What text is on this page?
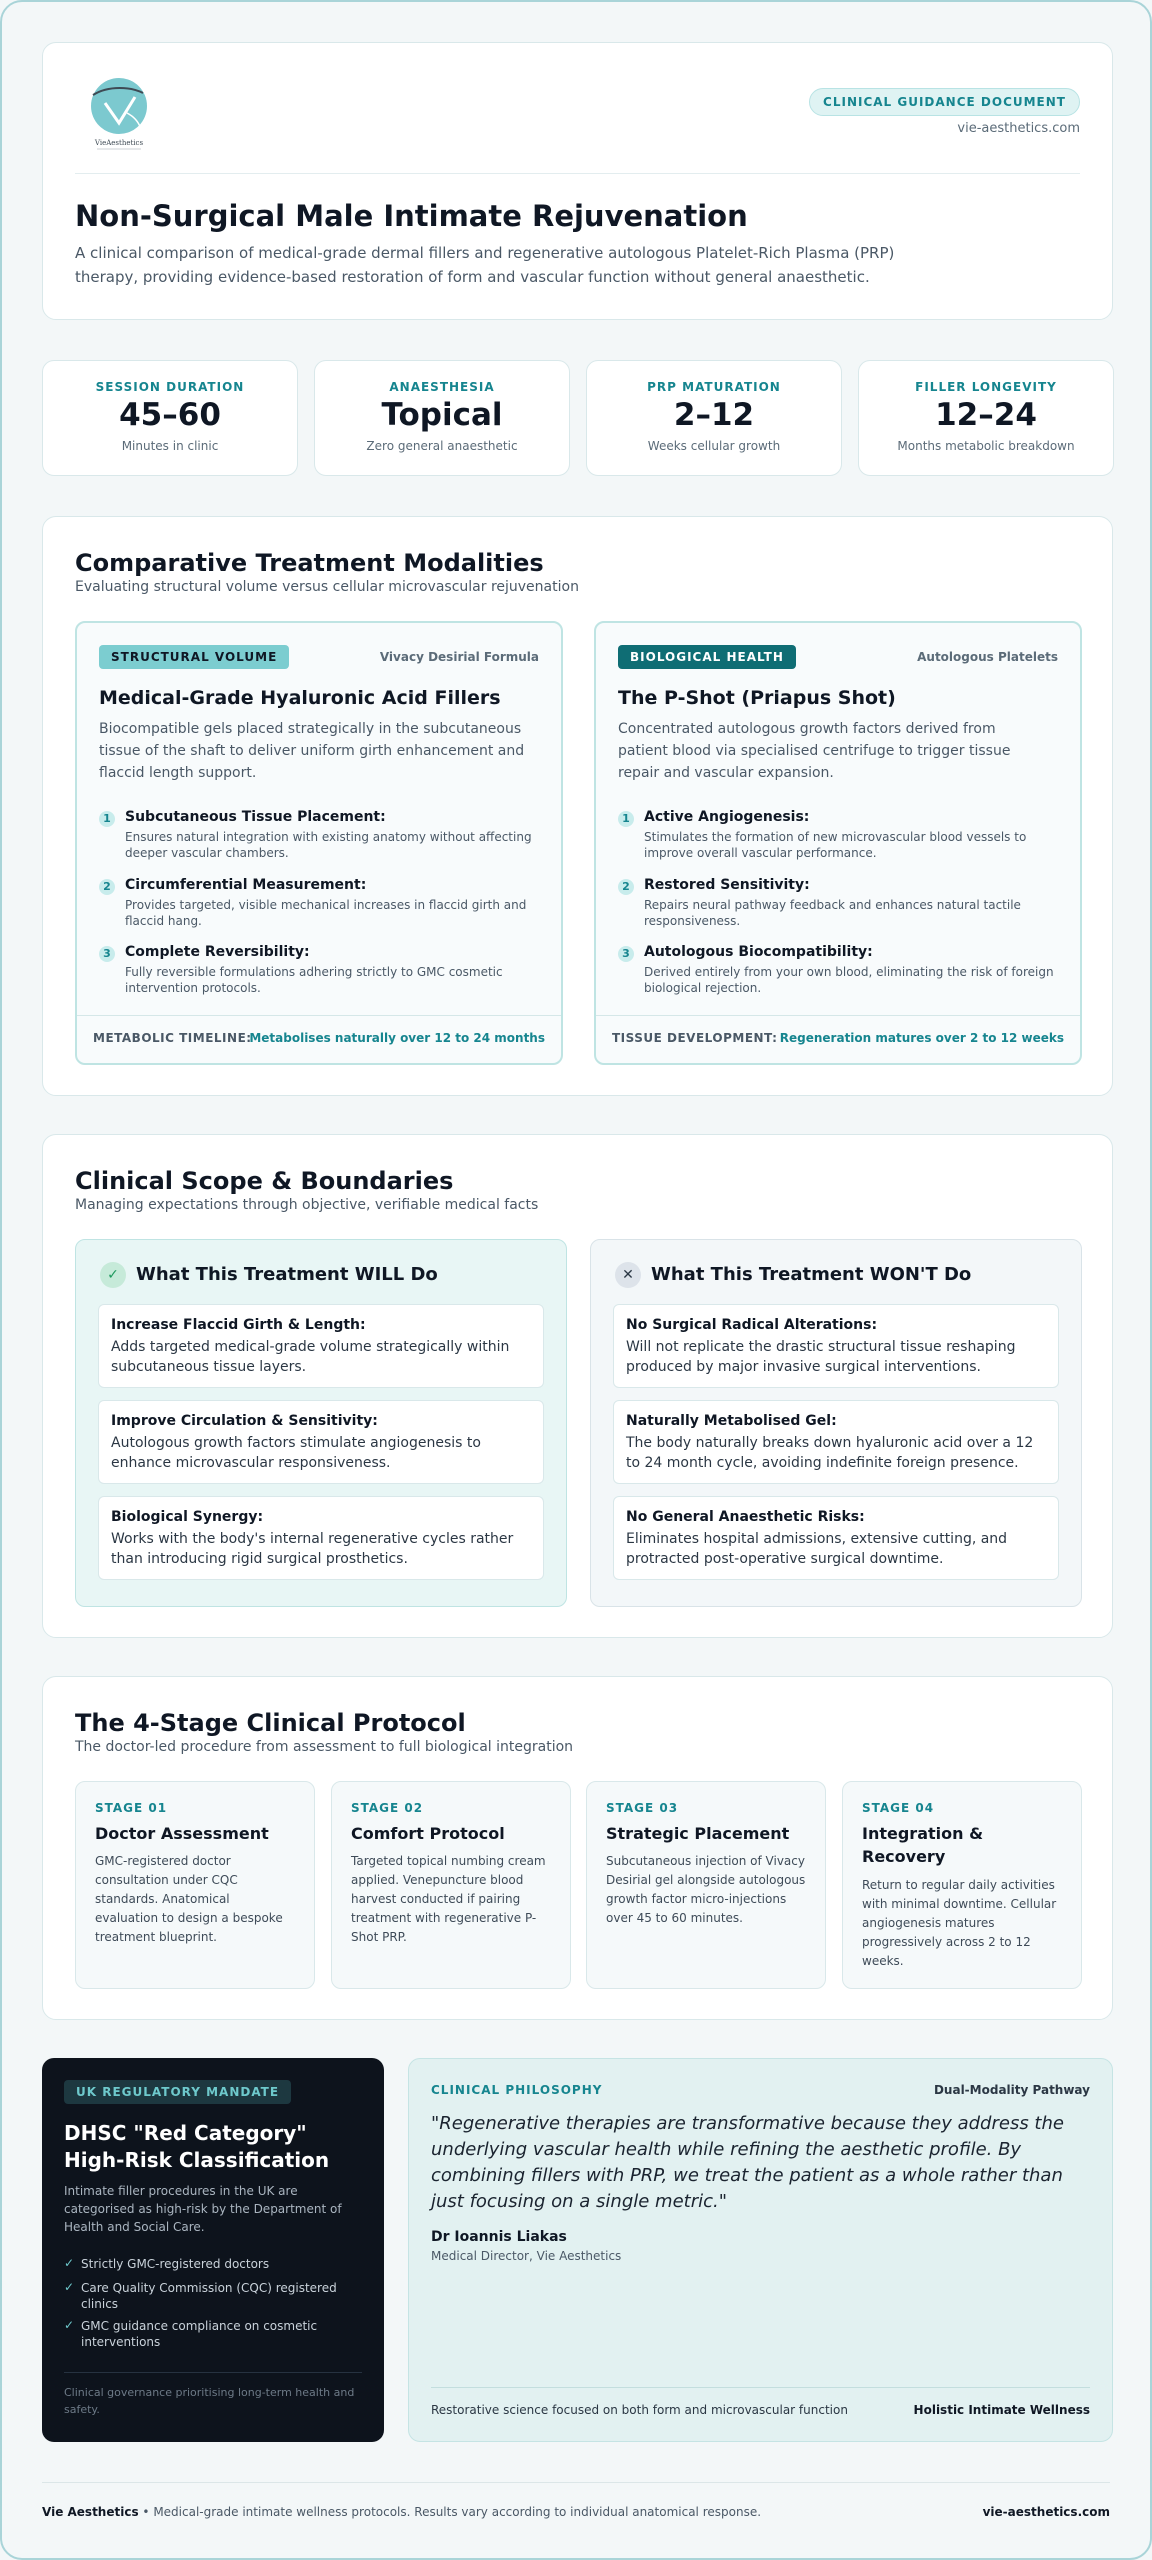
VieAesthetics
CLINICAL GUIDANCE DOCUMENT
vie-aesthetics.com
Non-Surgical Male Intimate Rejuvenation
A clinical comparison of medical-grade dermal fillers and regenerative autologous Platelet-Rich Plasma (PRP) therapy, providing evidence-based restoration of form and vascular function without general anaesthetic.
SESSION DURATION
45–60
Minutes in clinic
ANAESTHESIA
Topical
Zero general anaesthetic
PRP MATURATION
2–12
Weeks cellular growth
FILLER LONGEVITY
12–24
Months metabolic breakdown
Comparative Treatment Modalities
Evaluating structural volume versus cellular microvascular rejuvenation
STRUCTURAL VOLUME	Vivacy Desirial Formula
Medical-Grade Hyaluronic Acid Fillers
Biocompatible gels placed strategically in the subcutaneous tissue of the shaft to deliver uniform girth enhancement and flaccid length support.
1 Subcutaneous Tissue Placement:
Ensures natural integration with existing anatomy without affecting deeper vascular chambers.
2 Circumferential Measurement:
Provides targeted, visible mechanical increases in flaccid girth and flaccid hang.
3 Complete Reversibility:
Fully reversible formulations adhering strictly to GMC cosmetic intervention protocols.
METABOLIC TIMELINE:
Metabolises naturally over 12 to 24 months
BIOLOGICAL HEALTH	Autologous Platelets
The P-Shot (Priapus Shot)
Concentrated autologous growth factors derived from patient blood via specialised centrifuge to trigger tissue repair and vascular expansion.
1 Active Angiogenesis:
Stimulates the formation of new microvascular blood vessels to improve overall vascular performance.
2 Restored Sensitivity:
Repairs neural pathway feedback and enhances natural tactile responsiveness.
3 Autologous Biocompatibility:
Derived entirely from your own blood, eliminating the risk of foreign biological rejection.
TISSUE DEVELOPMENT: Regeneration matures over 2 to 12 weeks
Clinical Scope & Boundaries
Managing expectations through objective, verifiable medical facts
✓ What This Treatment WILL Do
Increase Flaccid Girth & Length:
Adds targeted medical-grade volume strategically within subcutaneous tissue layers.
Improve Circulation & Sensitivity:
Autologous growth factors stimulate angiogenesis to enhance microvascular responsiveness.
Biological Synergy:
Works with the body's internal regenerative cycles rather than introducing rigid surgical prosthetics.
✕ What This Treatment WON'T Do
No Surgical Radical Alterations:
Will not replicate the drastic structural tissue reshaping produced by major invasive surgical interventions.
Naturally Metabolised Gel:
The body naturally breaks down hyaluronic acid over a 12 to 24 month cycle, avoiding indefinite foreign presence.
No General Anaesthetic Risks:
Eliminates hospital admissions, extensive cutting, and protracted post-operative surgical downtime.
The 4-Stage Clinical Protocol
The doctor-led procedure from assessment to full biological integration
STAGE 01
Doctor Assessment
GMC-registered doctor consultation under CQC standards. Anatomical evaluation to design a bespoke treatment blueprint.
STAGE 02
Comfort Protocol
Targeted topical numbing cream applied. Venepuncture blood harvest conducted if pairing treatment with regenerative P-Shot PRP.
STAGE 03
Strategic Placement
Subcutaneous injection of Vivacy Desirial gel alongside autologous growth factor micro-injections over 45 to 60 minutes.
STAGE 04
Integration & Recovery
Return to regular daily activities with minimal downtime. Cellular angiogenesis matures progressively across 2 to 12 weeks.
UK REGULATORY MANDATE
DHSC "Red Category" High-Risk Classification
Intimate filler procedures in the UK are categorised as high-risk by the Department of Health and Social Care.
✓ Strictly GMC-registered doctors
✓ Care Quality Commission (CQC) registered clinics
✓ GMC guidance compliance on cosmetic interventions
Clinical governance prioritising long-term health and safety.
CLINICAL PHILOSOPHY	Dual-Modality Pathway
"Regenerative therapies are transformative because they address the underlying vascular health while refining the aesthetic profile. By combining fillers with PRP, we treat the patient as a whole rather than just focusing on a single metric."
Dr Ioannis Liakas
Medical Director, Vie Aesthetics
Restorative science focused on both form and microvascular function	Holistic Intimate Wellness
Vie Aesthetics • Medical-grade intimate wellness protocols. Results vary according to individual anatomical response.	vie-aesthetics.com
